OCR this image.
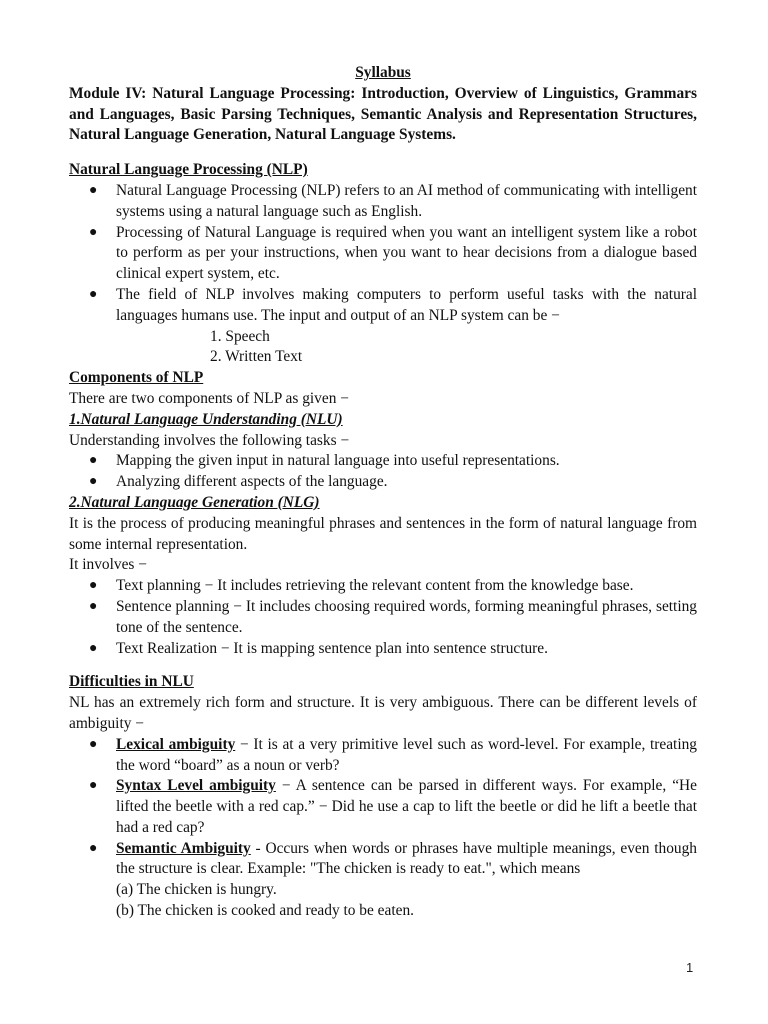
Syllabus

Module IV: Natural Language Processing: Introduction, Overview of Linguistics, Grammars and Languages, Basic Parsing Techniques, Semantic Analysis and Representation Structures, Natural Language Generation, Natural Language Systems.

Natural Language Processing (NLP)

● Natural Language Processing (NLP) refers to an AI method of communicating with intelligent systems using a natural language such as English.
● Processing of Natural Language is required when you want an intelligent system like a robot to perform as per your instructions, when you want to hear decisions from a dialogue based clinical expert system, etc.
● The field of NLP involves making computers to perform useful tasks with the natural languages humans use. The input and output of an NLP system can be −

1. Speech

2. Written Text

Components of NLP

There are two components of NLP as given −

1.Natural Language Understanding (NLU)

Understanding involves the following tasks −

● Mapping the given input in natural language into useful representations.
● Analyzing different aspects of the language.

2.Natural Language Generation (NLG)

It is the process of producing meaningful phrases and sentences in the form of natural language from some internal representation.

It involves −

● Text planning − It includes retrieving the relevant content from the knowledge base.
● Sentence planning − It includes choosing required words, forming meaningful phrases, setting tone of the sentence.
● Text Realization − It is mapping sentence plan into sentence structure.

Difficulties in NLU

NL has an extremely rich form and structure. It is very ambiguous. There can be different levels of ambiguity −

● Lexical ambiguity − It is at a very primitive level such as word-level. For example, treating the word “board” as a noun or verb?
● Syntax Level ambiguity − A sentence can be parsed in different ways. For example, “He lifted the beetle with a red cap.” − Did he use a cap to lift the beetle or did he lift a beetle that had a red cap?
● Semantic Ambiguity - Occurs when words or phrases have multiple meanings, even though the structure is clear. Example: "The chicken is ready to eat.", which means

(a) The chicken is hungry.

(b) The chicken is cooked and ready to be eaten.

1
